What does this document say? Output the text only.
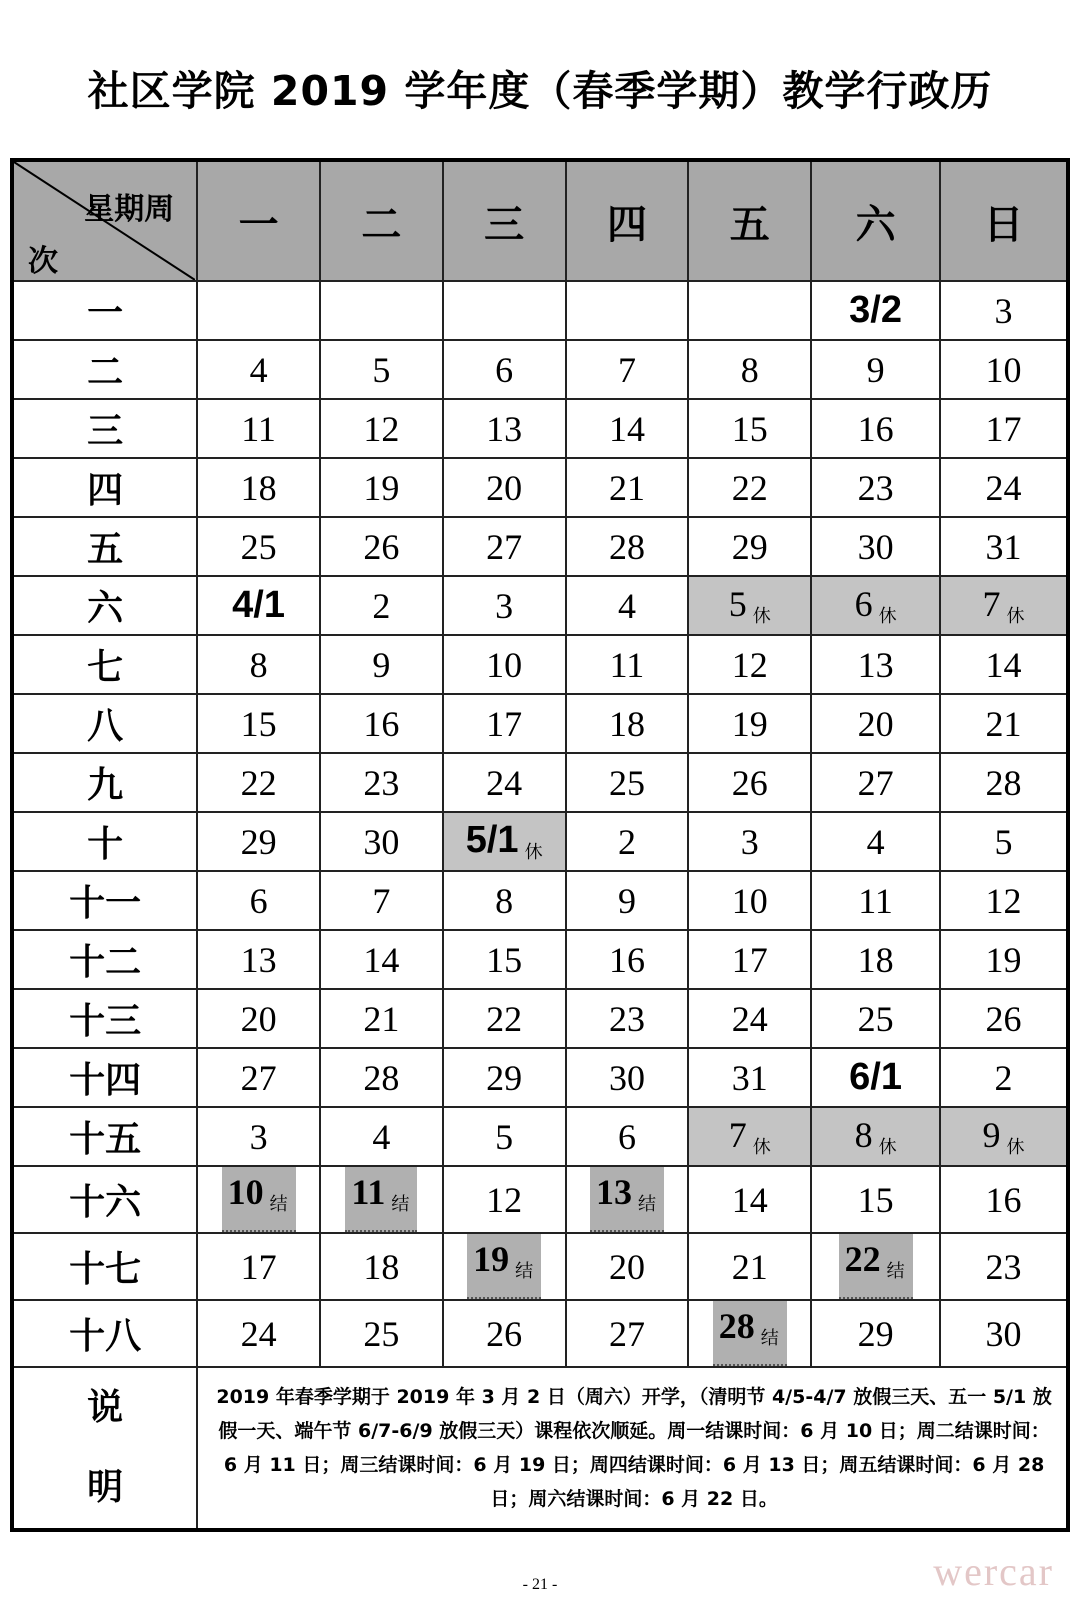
社区学院 2019 学年度（春季学期）教学行政历
星期周
次	一	二	三	四	五	六	日
一						3/2	3
二	4	5	6	7	8	9	10
三	11	12	13	14	15	16	17
四	18	19	20	21	22	23	24
五	25	26	27	28	29	30	31
六	4/1	2	3	4	5 休	6 休	7 休
七	8	9	10	11	12	13	14
八	15	16	17	18	19	20	21
九	22	23	24	25	26	27	28
十	29	30	5/1 休	2	3	4	5
十一	6	7	8	9	10	11	12
十二	13	14	15	16	17	18	19
十三	20	21	22	23	24	25	26
十四	27	28	29	30	31	6/1	2
十五	3	4	5	6	7 休	8 休	9 休
十六	10 结	11 结	12	13 结	14	15	16
十七	17	18	19 结	20	21	22 结	23
十八	24	25	26	27	28 结	29	30

说
明	2019 年春季学期于 2019 年 3 月 2 日（周六）开学，（清明节 4/5-4/7 放假三天、五一 5/1 放假一天、端午节 6/7-6/9 放假三天）课程依次顺延。周一结课时间：6 月 10 日；周二结课时间：6 月 11 日；周三结课时间：6 月 19 日；周四结课时间：6 月 13 日；周五结课时间：6 月 28 日；周六结课时间：6 月 22 日。						
- 21 -	wercar
